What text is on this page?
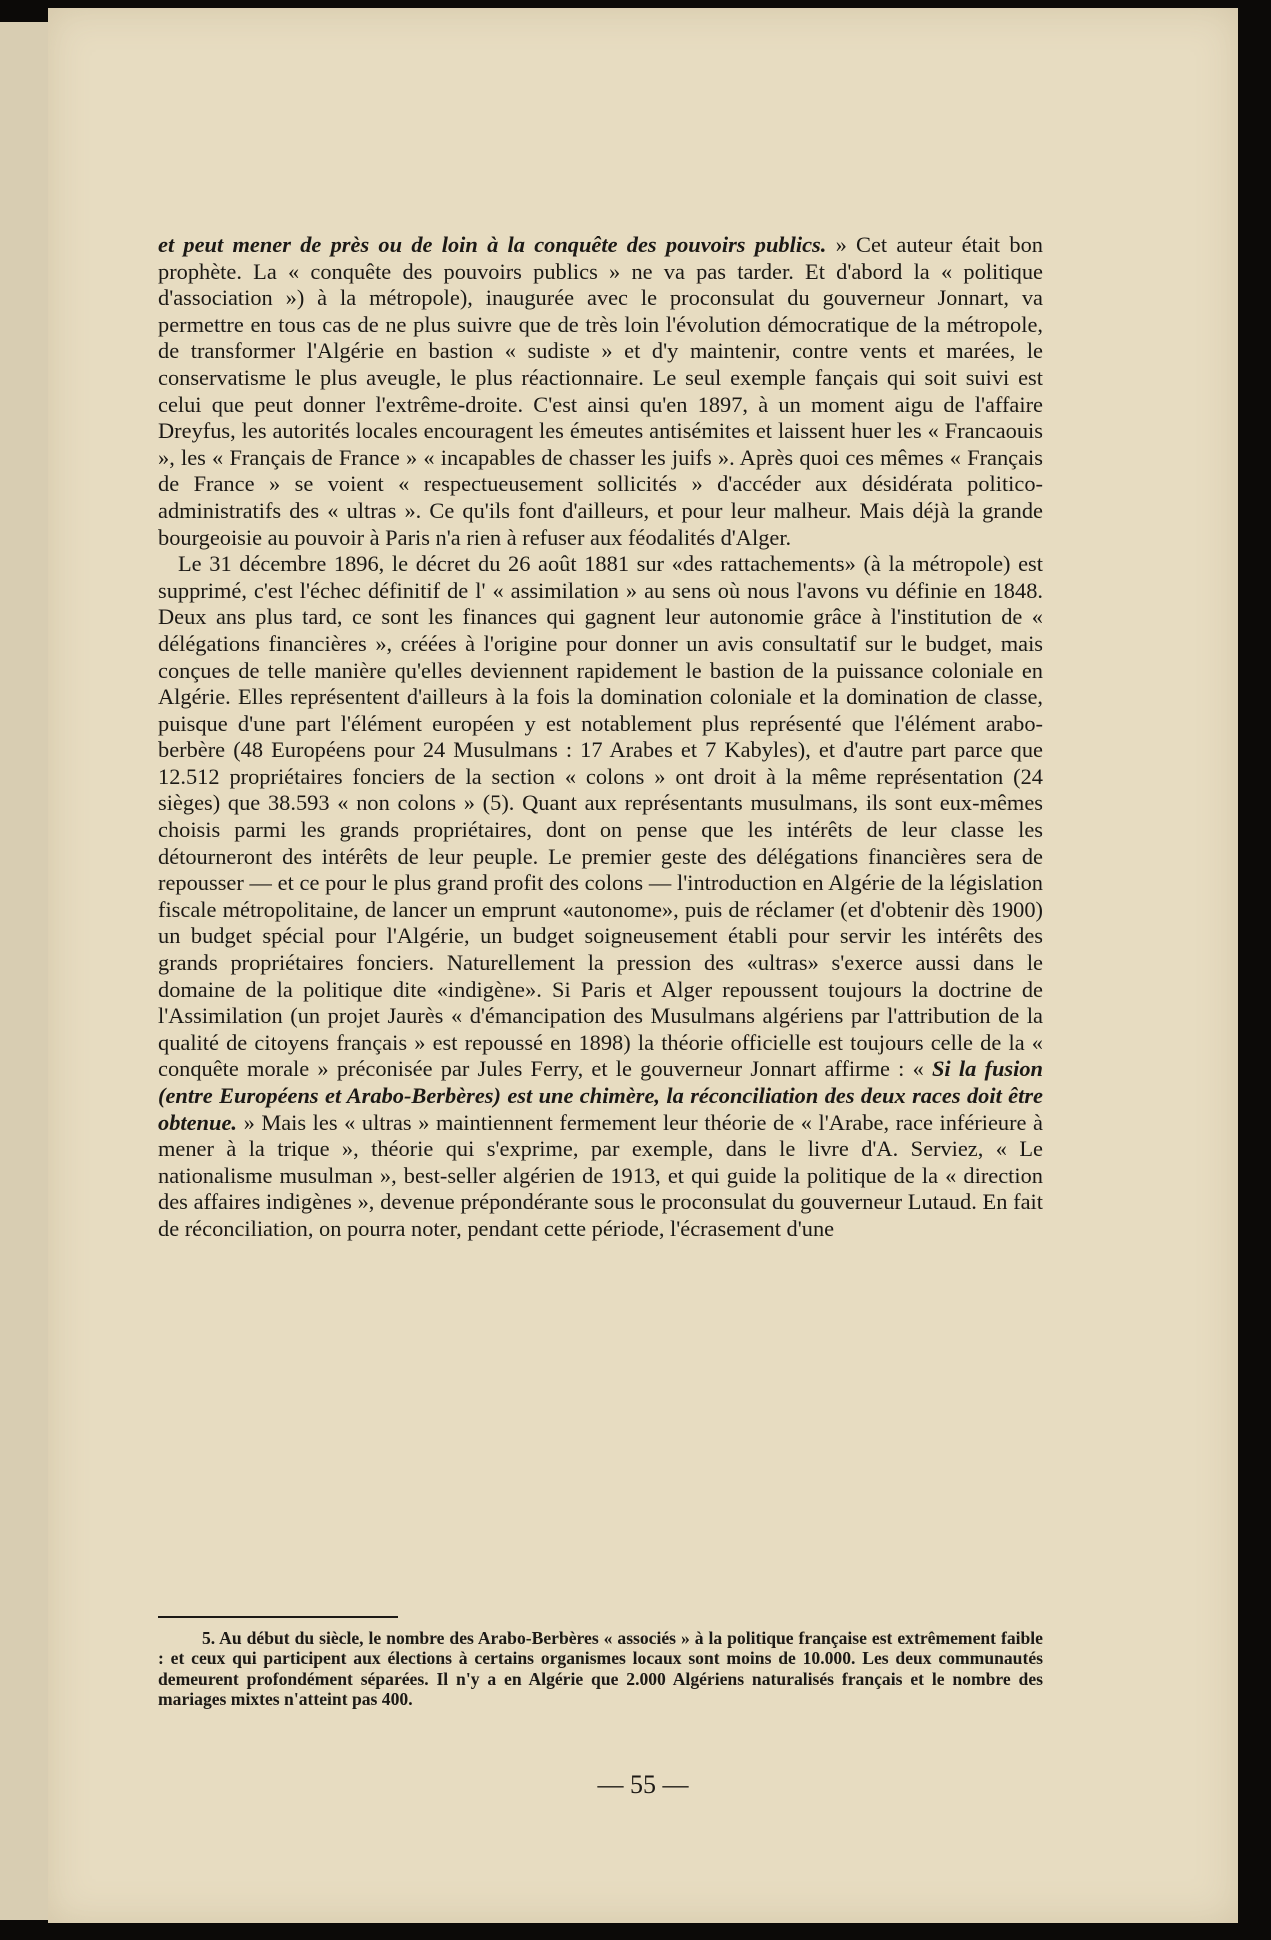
et peut mener de près ou de loin à la conquête des pouvoirs publics. » Cet auteur était bon prophète. La « conquête des pouvoirs publics » ne va pas tarder. Et d'abord la « politique d'association ») à la métropole), inaugurée avec le proconsulat du gouverneur Jonnart, va permettre en tous cas de ne plus suivre que de très loin l'évolution démocratique de la métropole, de transformer l'Algérie en bastion « sudiste » et d'y maintenir, contre vents et marées, le conservatisme le plus aveugle, le plus réactionnaire. Le seul exemple fançais qui soit suivi est celui que peut donner l'extrême-droite. C'est ainsi qu'en 1897, à un moment aigu de l'affaire Dreyfus, les autorités locales encouragent les émeutes antisémites et laissent huer les « Francaouis », les « Français de France » « incapables de chasser les juifs ». Après quoi ces mêmes « Français de France » se voient « respectueusement sollicités » d'accéder aux désidérata politico-administratifs des « ultras ». Ce qu'ils font d'ailleurs, et pour leur malheur. Mais déjà la grande bourgeoisie au pouvoir à Paris n'a rien à refuser aux féodalités d'Alger.

Le 31 décembre 1896, le décret du 26 août 1881 sur «des rattachements» (à la métropole) est supprimé, c'est l'échec définitif de l' « assimilation » au sens où nous l'avons vu définie en 1848. Deux ans plus tard, ce sont les finances qui gagnent leur autonomie grâce à l'institution de « délégations financières », créées à l'origine pour donner un avis consultatif sur le budget, mais conçues de telle manière qu'elles deviennent rapidement le bastion de la puissance coloniale en Algérie. Elles représentent d'ailleurs à la fois la domination coloniale et la domination de classe, puisque d'une part l'élément européen y est notablement plus représenté que l'élément arabo-berbère (48 Européens pour 24 Musulmans : 17 Arabes et 7 Kabyles), et d'autre part parce que 12.512 propriétaires fonciers de la section « colons » ont droit à la même représentation (24 sièges) que 38.593 « non colons » (5). Quant aux représentants musulmans, ils sont eux-mêmes choisis parmi les grands propriétaires, dont on pense que les intérêts de leur classe les détourneront des intérêts de leur peuple. Le premier geste des délégations financières sera de repousser — et ce pour le plus grand profit des colons — l'introduction en Algérie de la législation fiscale métropolitaine, de lancer un emprunt «autonome», puis de réclamer (et d'obtenir dès 1900) un budget spécial pour l'Algérie, un budget soigneusement établi pour servir les intérêts des grands propriétaires fonciers. Naturellement la pression des «ultras» s'exerce aussi dans le domaine de la politique dite «indigène». Si Paris et Alger repoussent toujours la doctrine de l'Assimilation (un projet Jaurès « d'émancipation des Musulmans algériens par l'attribution de la qualité de citoyens français » est repoussé en 1898) la théorie officielle est toujours celle de la « conquête morale » préconisée par Jules Ferry, et le gouverneur Jonnart affirme : « Si la fusion (entre Européens et Arabo-Berbères) est une chimère, la réconciliation des deux races doit être obtenue. » Mais les « ultras » maintiennent fermement leur théorie de « l'Arabe, race inférieure à mener à la trique », théorie qui s'exprime, par exemple, dans le livre d'A. Serviez, « Le nationalisme musulman », best-seller algérien de 1913, et qui guide la politique de la « direction des affaires indigènes », devenue prépondérante sous le proconsulat du gouverneur Lutaud. En fait de réconciliation, on pourra noter, pendant cette période, l'écrasement d'une

5. Au début du siècle, le nombre des Arabo-Berbères « associés » à la politique française est extrêmement faible : et ceux qui participent aux élections à certains organismes locaux sont moins de 10.000. Les deux communautés demeurent profondément séparées. Il n'y a en Algérie que 2.000 Algériens naturalisés français et le nombre des mariages mixtes n'atteint pas 400.
— 55 —
